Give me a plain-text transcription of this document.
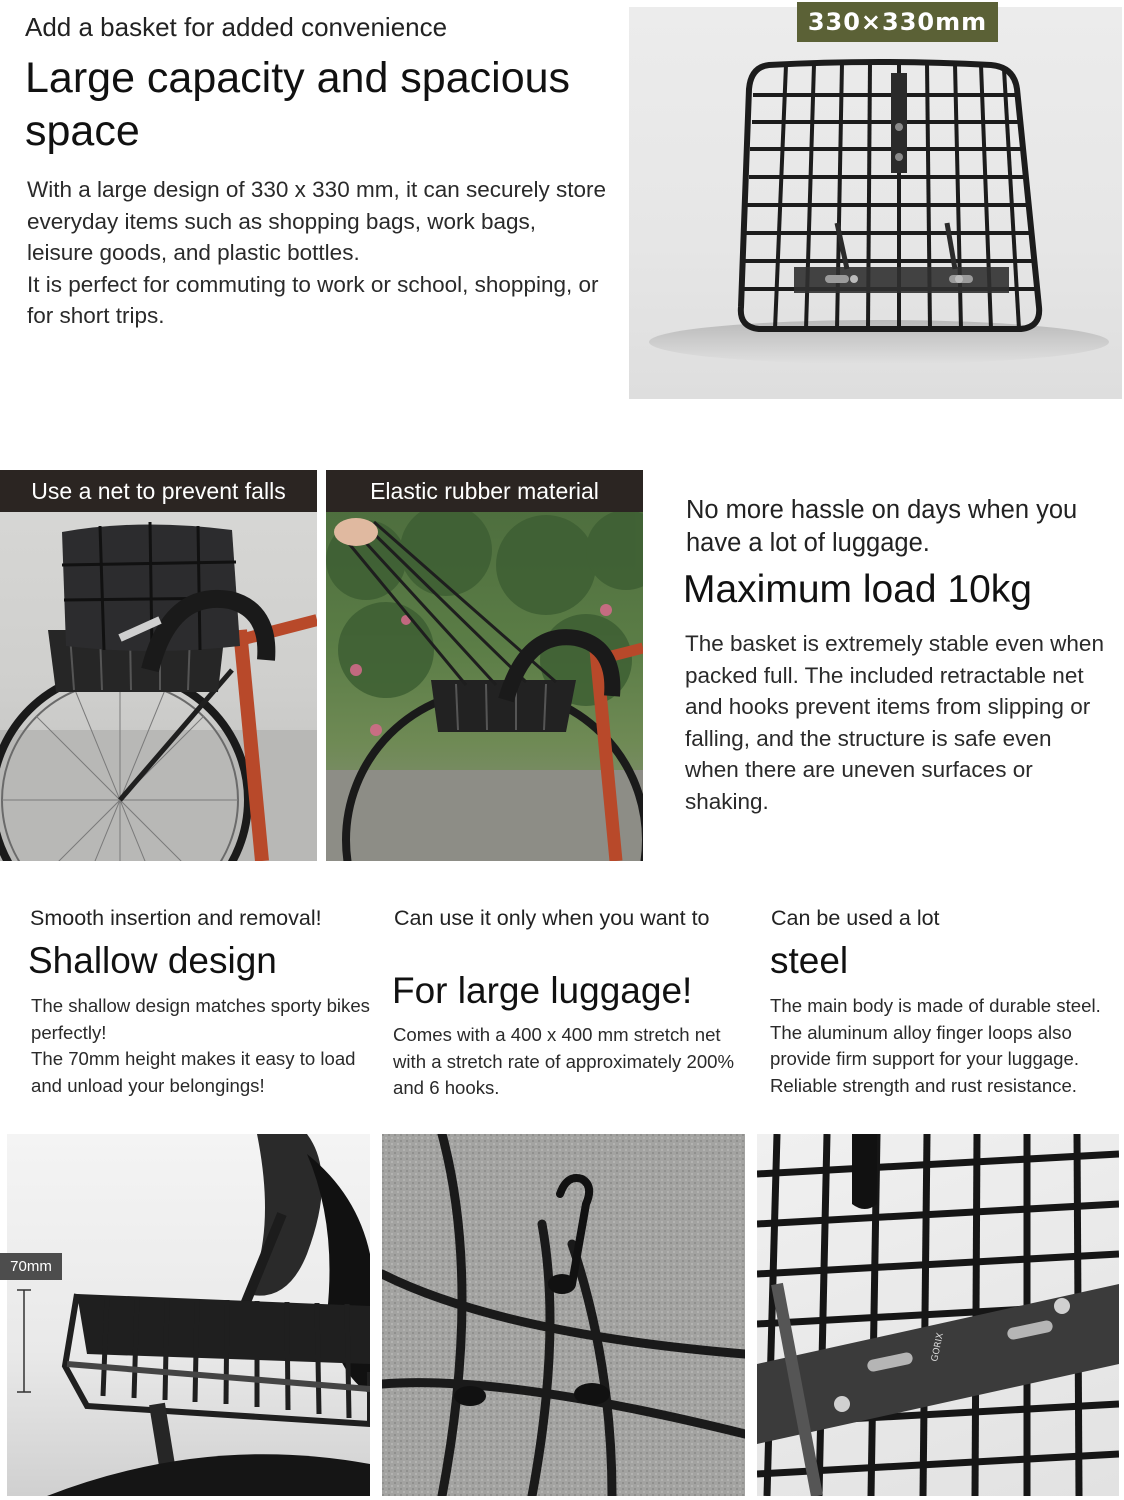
Add a basket for added convenience
Large capacity and spacious space

With a large design of 330 x 330 mm, it can securely store everyday items such as shopping bags, work bags, leisure goods, and plastic bottles.

It is perfect for commuting to work or school, shopping, or for short trips.

330×330mm
Use a net to prevent falls	Elastic rubber material
No more hassle on days when you have a lot of luggage.
Maximum load 10kg
The basket is extremely stable even when packed full. The included retractable net and hooks prevent items from slipping or falling, and the structure is safe even when there are uneven surfaces or shaking.
Smooth insertion and removal!
Shallow design

The shallow design matches sporty bikes perfectly!

The 70mm height makes it easy to load and unload your belongings!

Can use it only when you want to
For large luggage!
Comes with a 400 x 400 mm stretch net with a stretch rate of approximately 200% and 6 hooks.
Can be used a lot
steel
The main body is made of durable steel. The aluminum alloy finger loops also provide firm support for your luggage. Reliable strength and rust resistance.
70mm
GORIX
